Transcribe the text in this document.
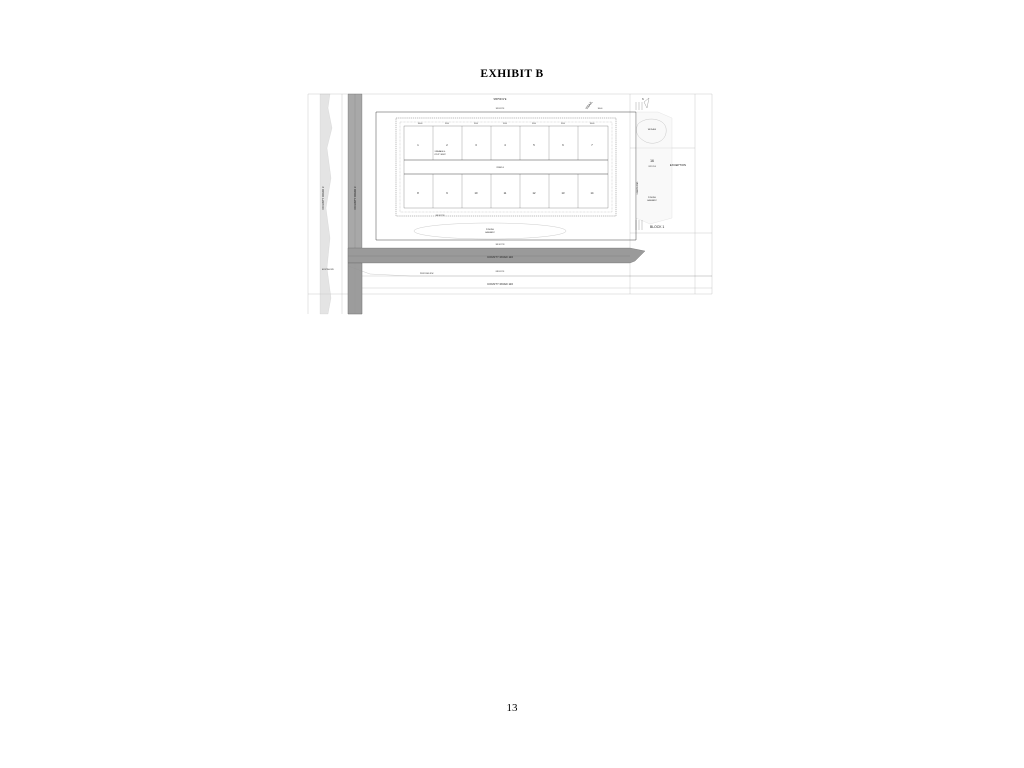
EXHIBIT B
STREET A
1	2	3	4	5	6	7
8	9	10	11	12	13	14
16
OUTLOT A
WETLAND
PONDING
EASEMENT
N
BLOCK 1
EXCEPTION
PONDING
EASEMENT
DRAINAGE &
UTILITY ESMT
S89°50'21"E
S89°50'21"E	300.00
100.00	85.00	85.00	85.00	85.00	85.00	100.00
S89°50'21"W
S89°50'21"W
N89°50'21"E
EXISTING R/W
PROPOSED R/W
COUNTY ROAD 116
COUNTY ROAD 116
COUNTY ROAD 3
COUNTY ROAD 3
TRAIL
HENNEPIN ROAD
13
